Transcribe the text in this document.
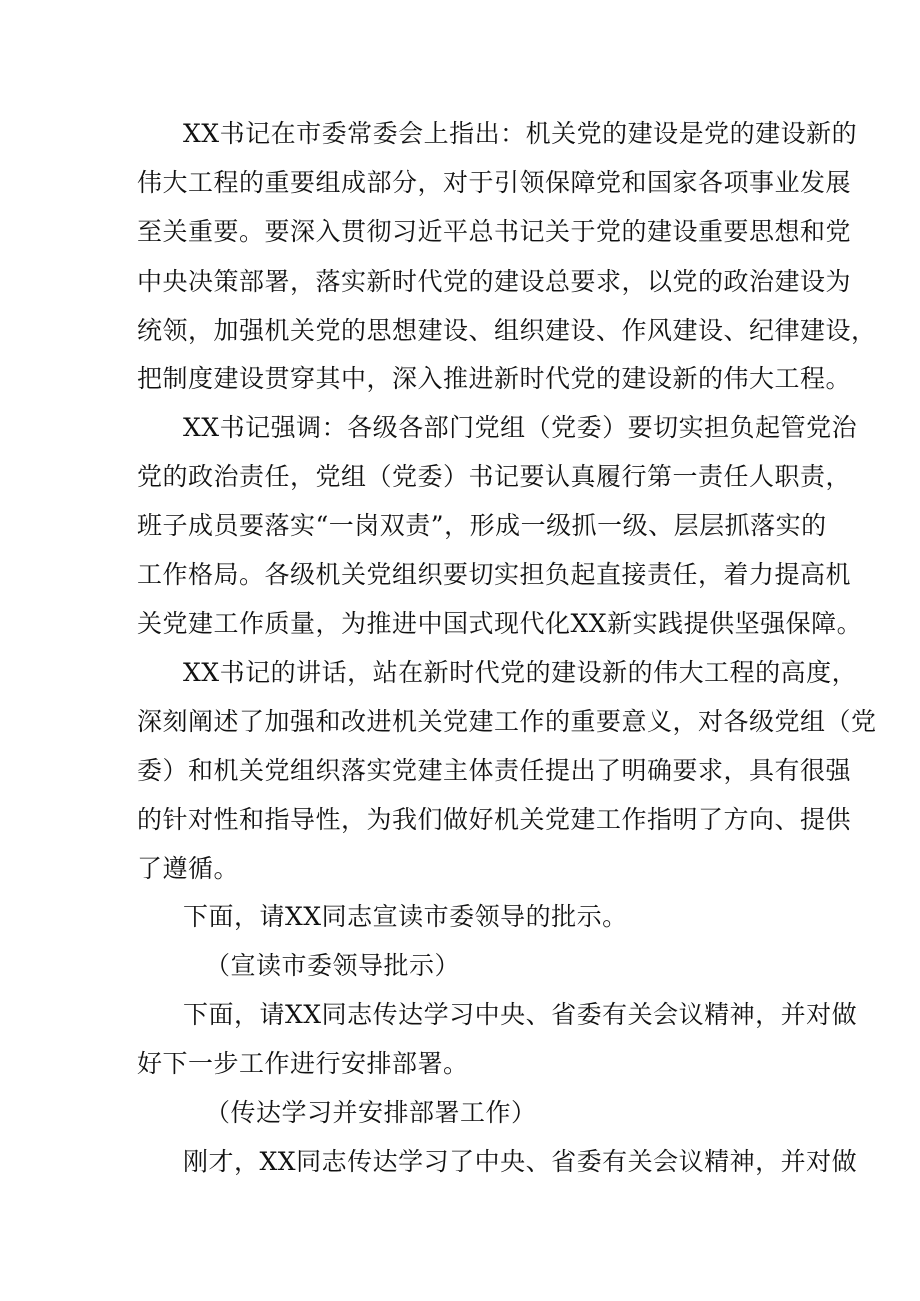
XX书记在市委常委会上指出：机关党的建设是党的建设新的
伟大工程的重要组成部分，对于引领保障党和国家各项事业发展
至关重要。要深入贯彻习近平总书记关于党的建设重要思想和党
中央决策部署，落实新时代党的建设总要求，以党的政治建设为
统领，加强机关党的思想建设、组织建设、作风建设、纪律建设，
把制度建设贯穿其中，深入推进新时代党的建设新的伟大工程。
XX书记强调：各级各部门党组（党委）要切实担负起管党治
党的政治责任，党组（党委）书记要认真履行第一责任人职责，
班子成员要落实“一岗双责”，形成一级抓一级、层层抓落实的
工作格局。各级机关党组织要切实担负起直接责任，着力提高机
关党建工作质量，为推进中国式现代化XX新实践提供坚强保障。
XX书记的讲话，站在新时代党的建设新的伟大工程的高度，
深刻阐述了加强和改进机关党建工作的重要意义，对各级党组（党
委）和机关党组织落实党建主体责任提出了明确要求，具有很强
的针对性和指导性，为我们做好机关党建工作指明了方向、提供
了遵循。
下面，请XX同志宣读市委领导的批示。
（宣读市委领导批示）
下面，请XX同志传达学习中央、省委有关会议精神，并对做
好下一步工作进行安排部署。
（传达学习并安排部署工作）
刚才，XX同志传达学习了中央、省委有关会议精神，并对做
